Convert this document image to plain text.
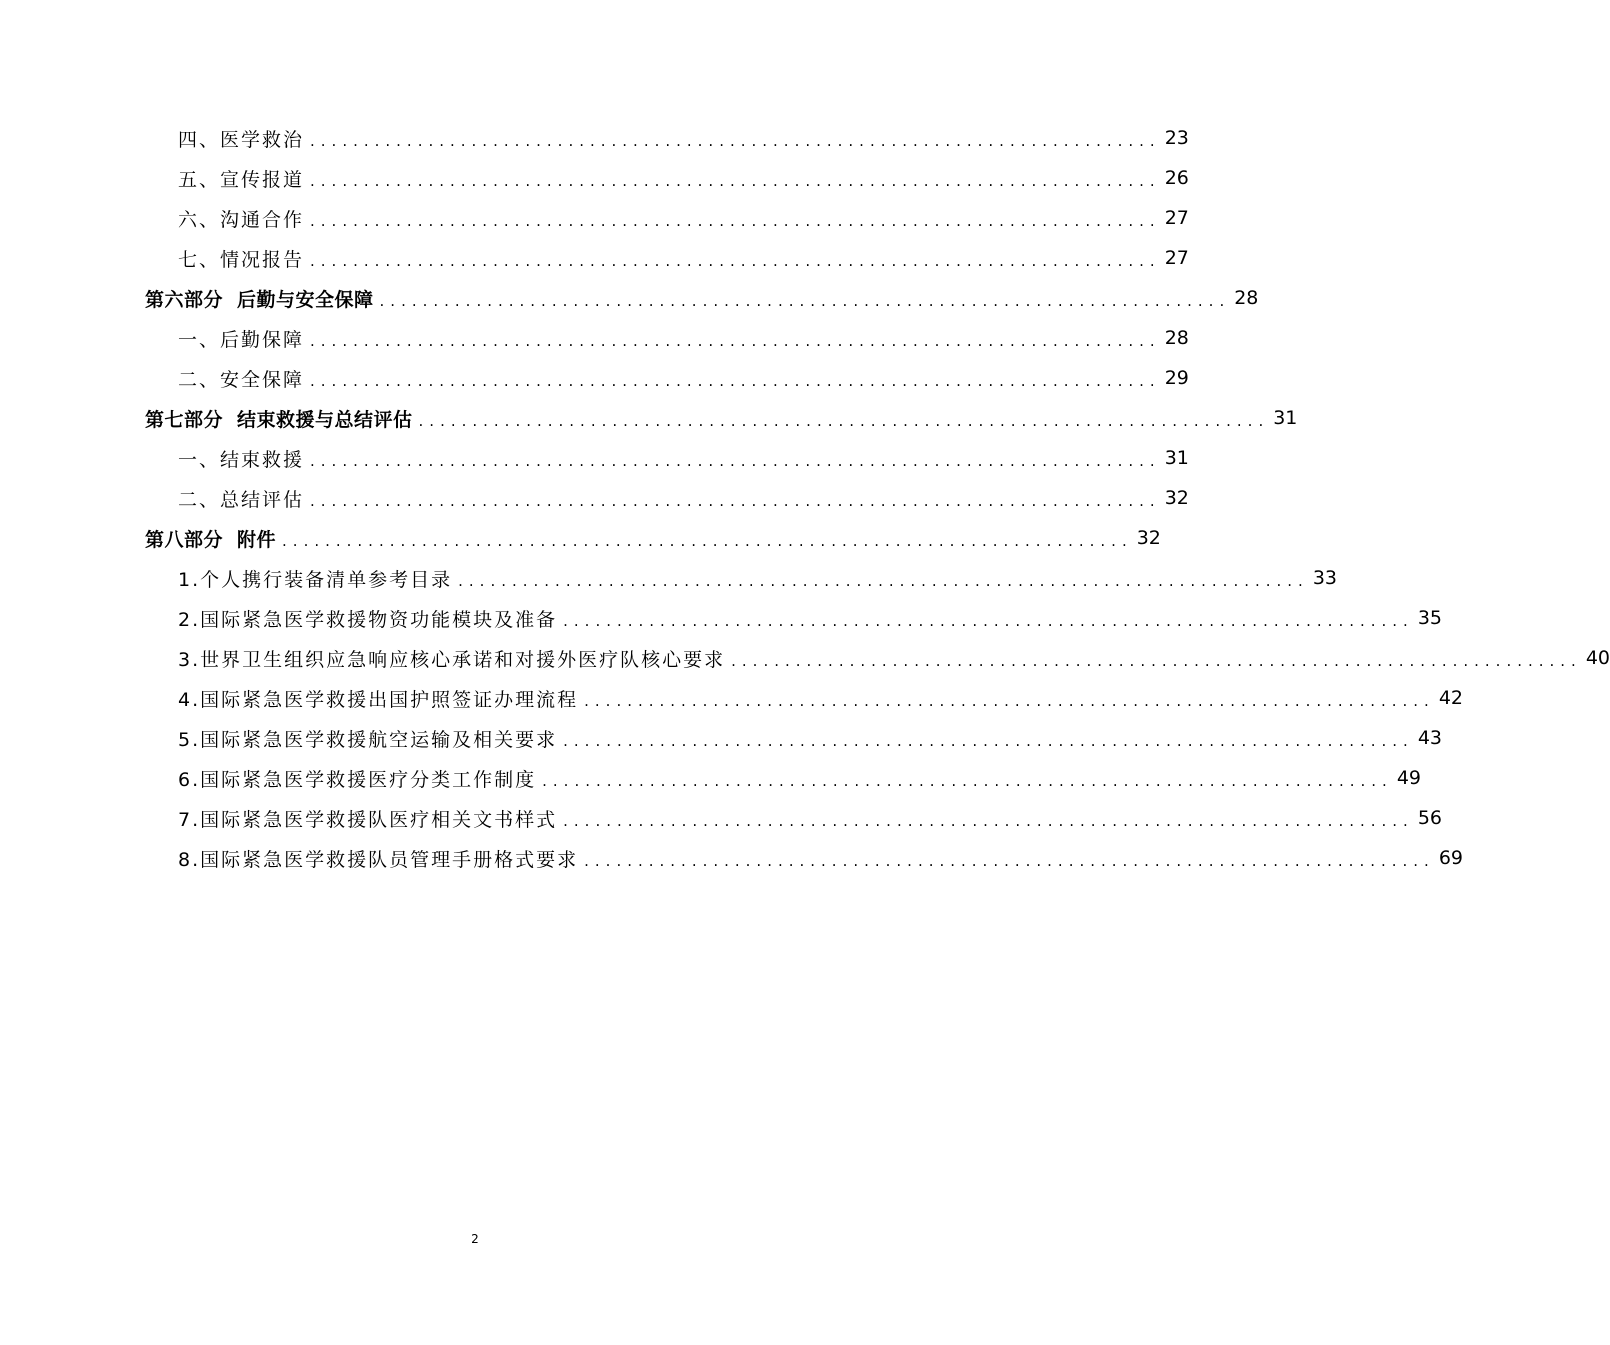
四、医学救治 ............................................................................... 23
五、宣传报道 ............................................................................... 26
六、沟通合作 ............................................................................... 27
七、情况报告 ............................................................................... 27
第六部分 后勤与安全保障 ............................................................................... 28
一、后勤保障 ............................................................................... 28
二、安全保障 ............................................................................... 29
第七部分 结束救援与总结评估 ............................................................................... 31
一、结束救援 ............................................................................... 31
二、总结评估 ............................................................................... 32
第八部分 附件 ............................................................................... 32
1.个人携行装备清单参考目录 ............................................................................... 33
2.国际紧急医学救援物资功能模块及准备 ............................................................................... 35
3.世界卫生组织应急响应核心承诺和对援外医疗队核心要求 ............................................................................... 40
4.国际紧急医学救援出国护照签证办理流程 ............................................................................... 42
5.国际紧急医学救援航空运输及相关要求 ............................................................................... 43
6.国际紧急医学救援医疗分类工作制度 ............................................................................... 49
7.国际紧急医学救援队医疗相关文书样式 ............................................................................... 56
8.国际紧急医学救援队员管理手册格式要求 ............................................................................... 69
2
